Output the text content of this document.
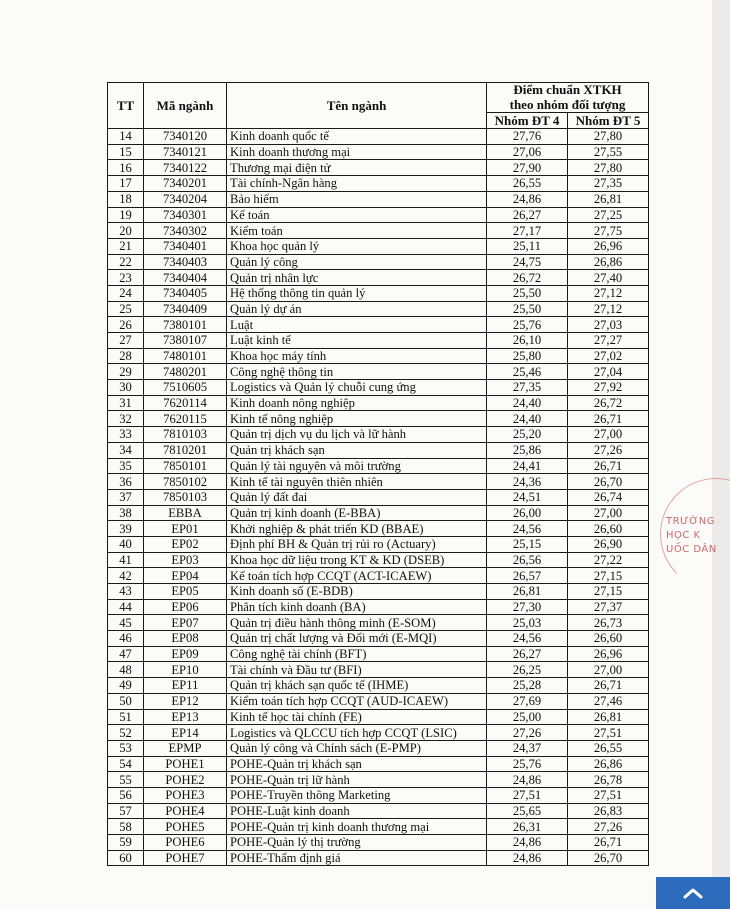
TT	Mã ngành	Tên ngành	Điểm chuẩn XTKH	
			theo nhóm đối tượng	
			Nhóm ĐT 4	Nhóm ĐT 5
14	7340120	Kinh doanh quốc tế	27,76	27,80
15	7340121	Kinh doanh thương mại	27,06	27,55
16	7340122	Thương mại điện tử	27,90	27,80
17	7340201	Tài chính-Ngân hàng	26,55	27,35
18	7340204	Bảo hiểm	24,86	26,81
19	7340301	Kế toán	26,27	27,25
20	7340302	Kiểm toán	27,17	27,75
21	7340401	Khoa học quản lý	25,11	26,96
22	7340403	Quản lý công	24,75	26,86
23	7340404	Quản trị nhân lực	26,72	27,40
24	7340405	Hệ thống thông tin quản lý	25,50	27,12
25	7340409	Quản lý dự án	25,50	27,12
26	7380101	Luật	25,76	27,03
27	7380107	Luật kinh tế	26,10	27,27
28	7480101	Khoa học máy tính	25,80	27,02
29	7480201	Công nghệ thông tin	25,46	27,04
30	7510605	Logistics và Quản lý chuỗi cung ứng	27,35	27,92
31	7620114	Kinh doanh nông nghiệp	24,40	26,72
32	7620115	Kinh tế nông nghiệp	24,40	26,71
33	7810103	Quản trị dịch vụ du lịch và lữ hành	25,20	27,00
34	7810201	Quản trị khách sạn	25,86	27,26
35	7850101	Quản lý tài nguyên và môi trường	24,41	26,71
36	7850102	Kinh tế tài nguyên thiên nhiên	24,36	26,70
37	7850103	Quản lý đất đai	24,51	26,74
38	EBBA	Quản trị kinh doanh (E-BBA)	26,00	27,00
39	EP01	Khởi nghiệp & phát triển KD (BBAE)	24,56	26,60
40	EP02	Định phí BH & Quản trị rủi ro (Actuary)	25,15	26,90
41	EP03	Khoa học dữ liệu trong KT & KD (DSEB)	26,56	27,22
42	EP04	Kế toán tích hợp CCQT (ACT-ICAEW)	26,57	27,15
43	EP05	Kinh doanh số (E-BDB)	26,81	27,15
44	EP06	Phân tích kinh doanh (BA)	27,30	27,37
45	EP07	Quản trị điều hành thông minh (E-SOM)	25,03	26,73
46	EP08	Quản trị chất lượng và Đổi mới (E-MQI)	24,56	26,60
47	EP09	Công nghệ tài chính (BFT)	26,27	26,96
48	EP10	Tài chính và Đầu tư (BFI)	26,25	27,00
49	EP11	Quản trị khách sạn quốc tế (IHME)	25,28	26,71
50	EP12	Kiểm toán tích hợp CCQT (AUD-ICAEW)	27,69	27,46
51	EP13	Kinh tế học tài chính (FE)	25,00	26,81
52	EP14	Logistics và QLCCU tích hợp CCQT (LSIC)	27,26	27,51
53	EPMP	Quản lý công và Chính sách (E-PMP)	24,37	26,55
54	POHE1	POHE-Quản trị khách sạn	25,76	26,86
55	POHE2	POHE-Quản trị lữ hành	24,86	26,78
56	POHE3	POHE-Truyền thông Marketing	27,51	27,51
57	POHE4	POHE-Luật kinh doanh	25,65	26,83
58	POHE5	POHE-Quản trị kinh doanh thương mại	26,31	27,26
59	POHE6	POHE-Quản lý thị trường	24,86	26,71
60	POHE7	POHE-Thẩm định giá	24,86	26,70
TRƯỜNG
HỌC K
UỐC DÂN
